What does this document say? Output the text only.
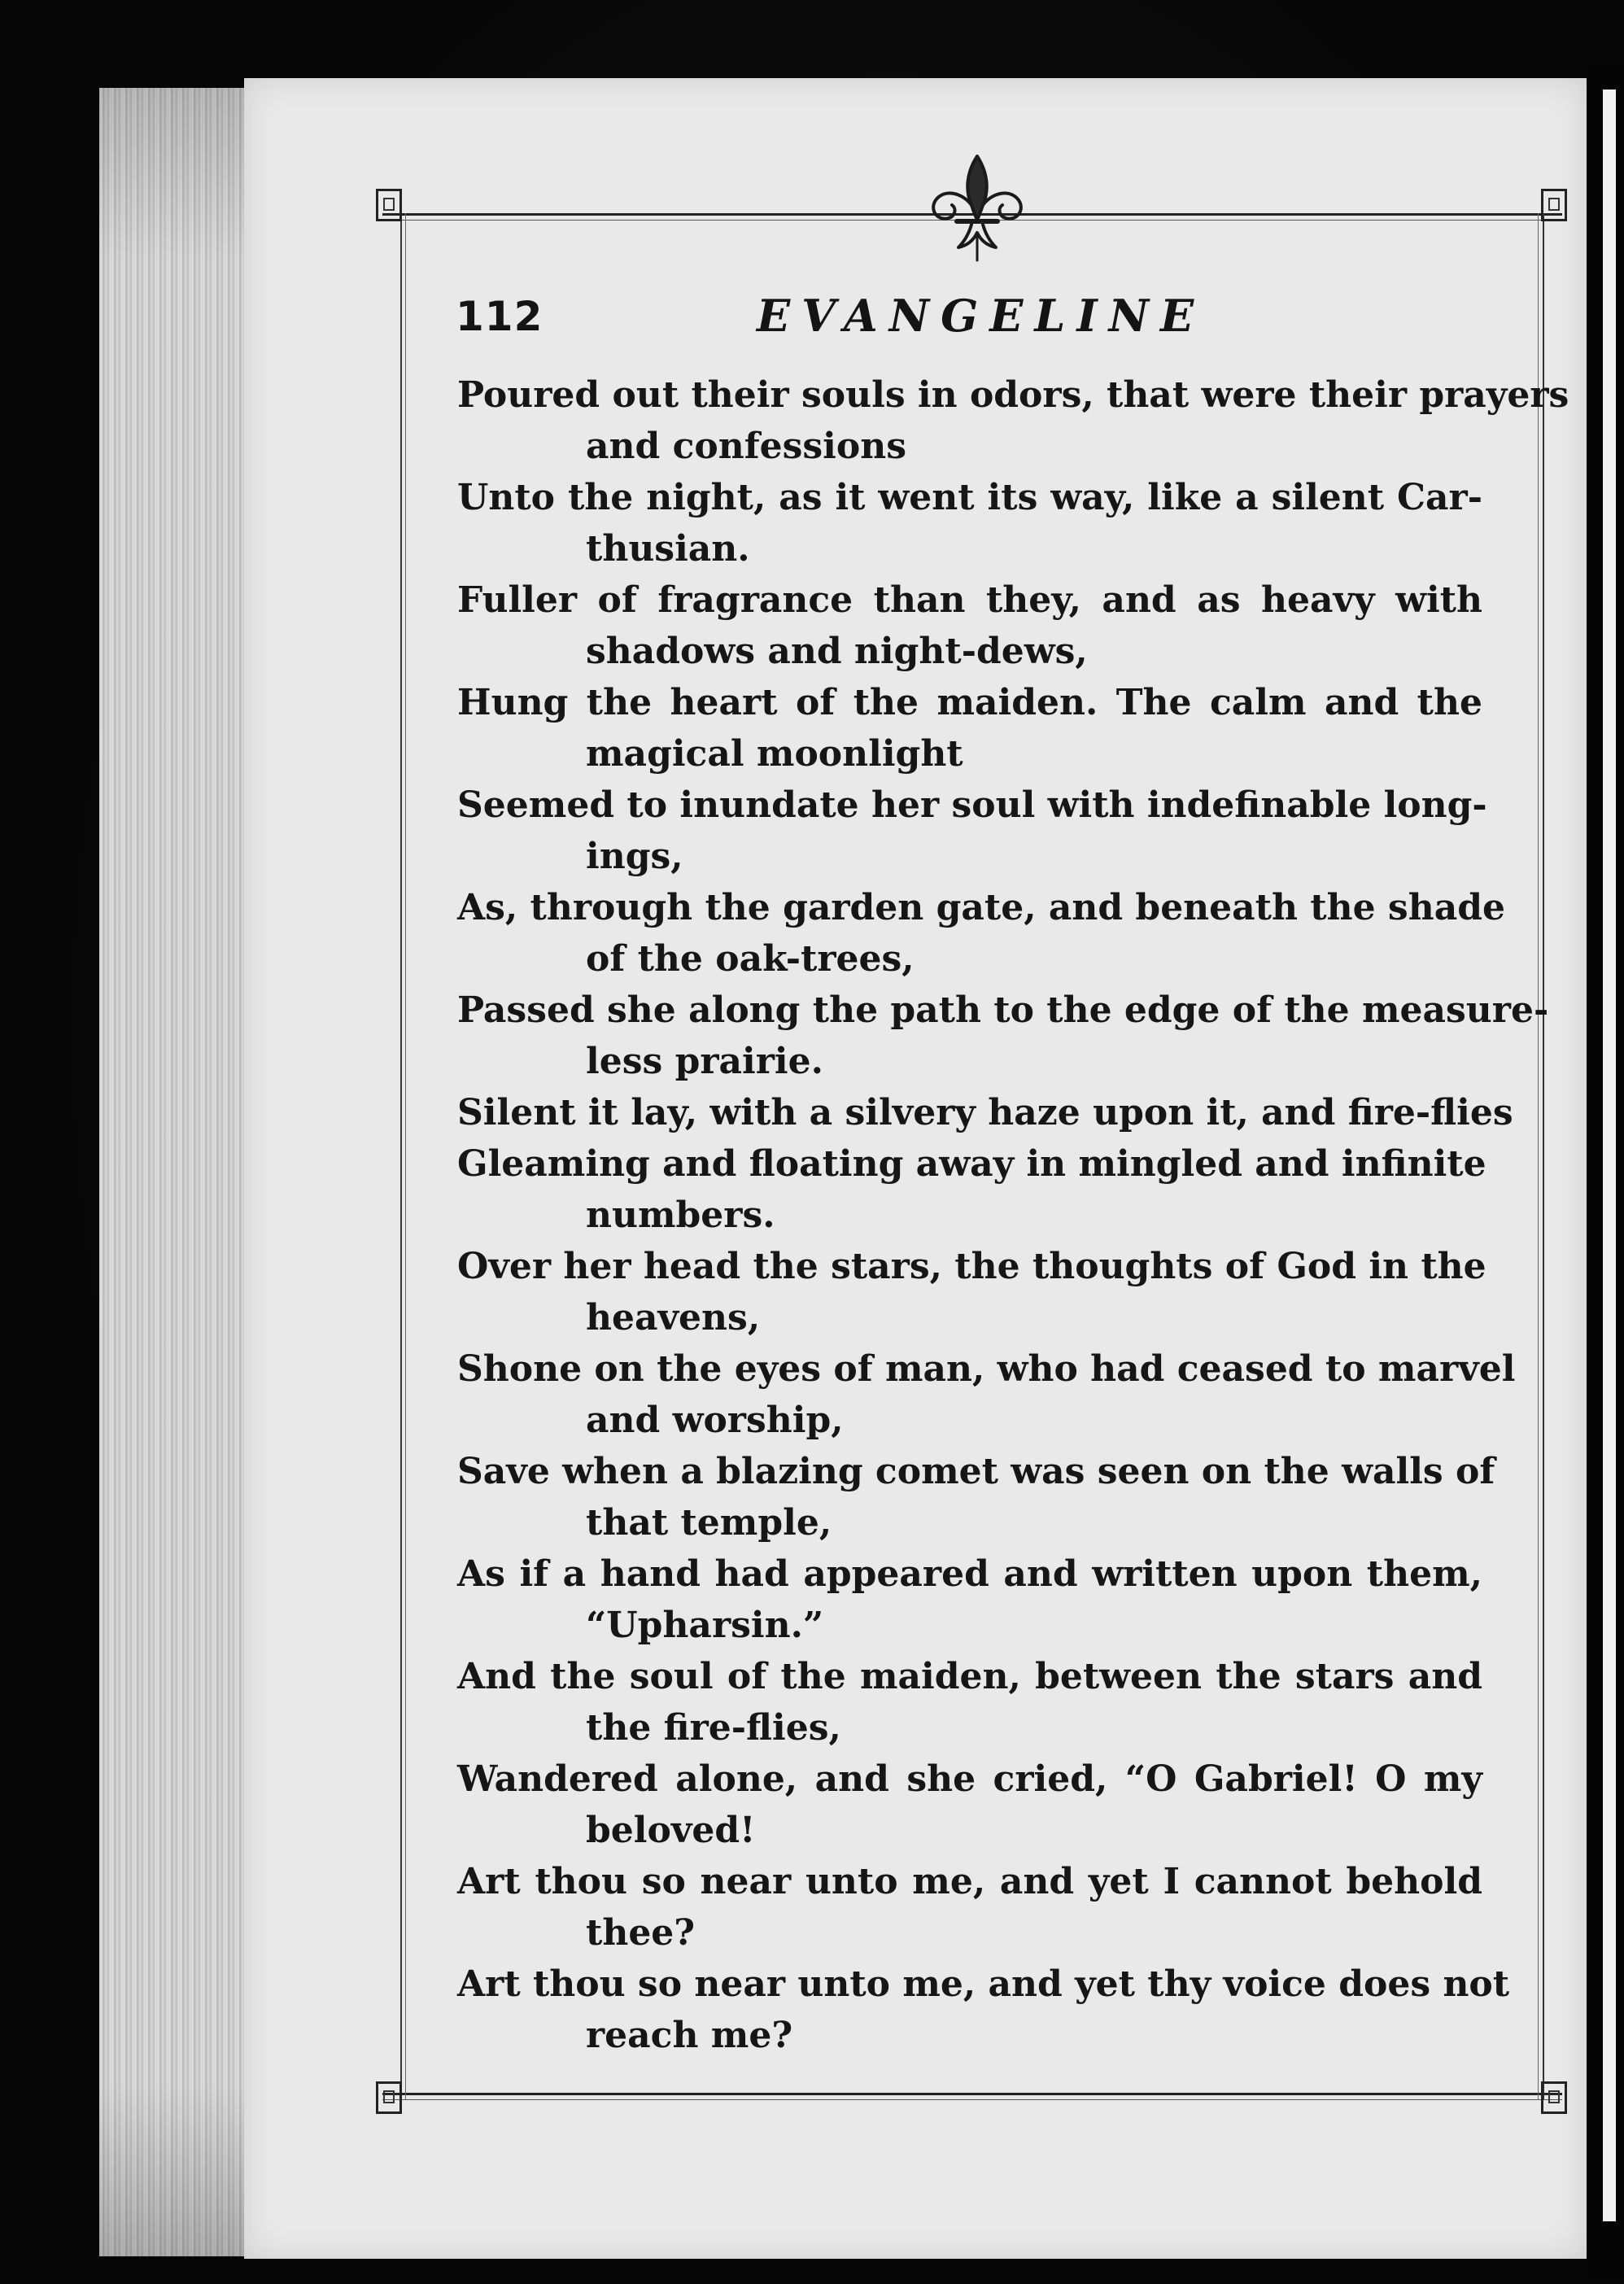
112	EVANGELINE

Poured out their souls in odors, that were their prayers
and confessions

Unto the night, as it went its way, like a silent Car-
thusian.

Fuller of fragrance than they, and as heavy with
shadows and night-dews,

Hung the heart of the maiden. The calm and the
magical moonlight

Seemed to inundate her soul with indefinable long-
ings,

As, through the garden gate, and beneath the shade
of the oak-trees,

Passed she along the path to the edge of the measure-
less prairie.

Silent it lay, with a silvery haze upon it, and fire-flies

Gleaming and floating away in mingled and infinite
numbers.

Over her head the stars, the thoughts of God in the
heavens,

Shone on the eyes of man, who had ceased to marvel
and worship,

Save when a blazing comet was seen on the walls of
that temple,

As if a hand had appeared and written upon them,
“Upharsin.”

And the soul of the maiden, between the stars and
the fire-flies,

Wandered alone, and she cried, “O Gabriel! O my
beloved!

Art thou so near unto me, and yet I cannot behold
thee?

Art thou so near unto me, and yet thy voice does not
reach me?
